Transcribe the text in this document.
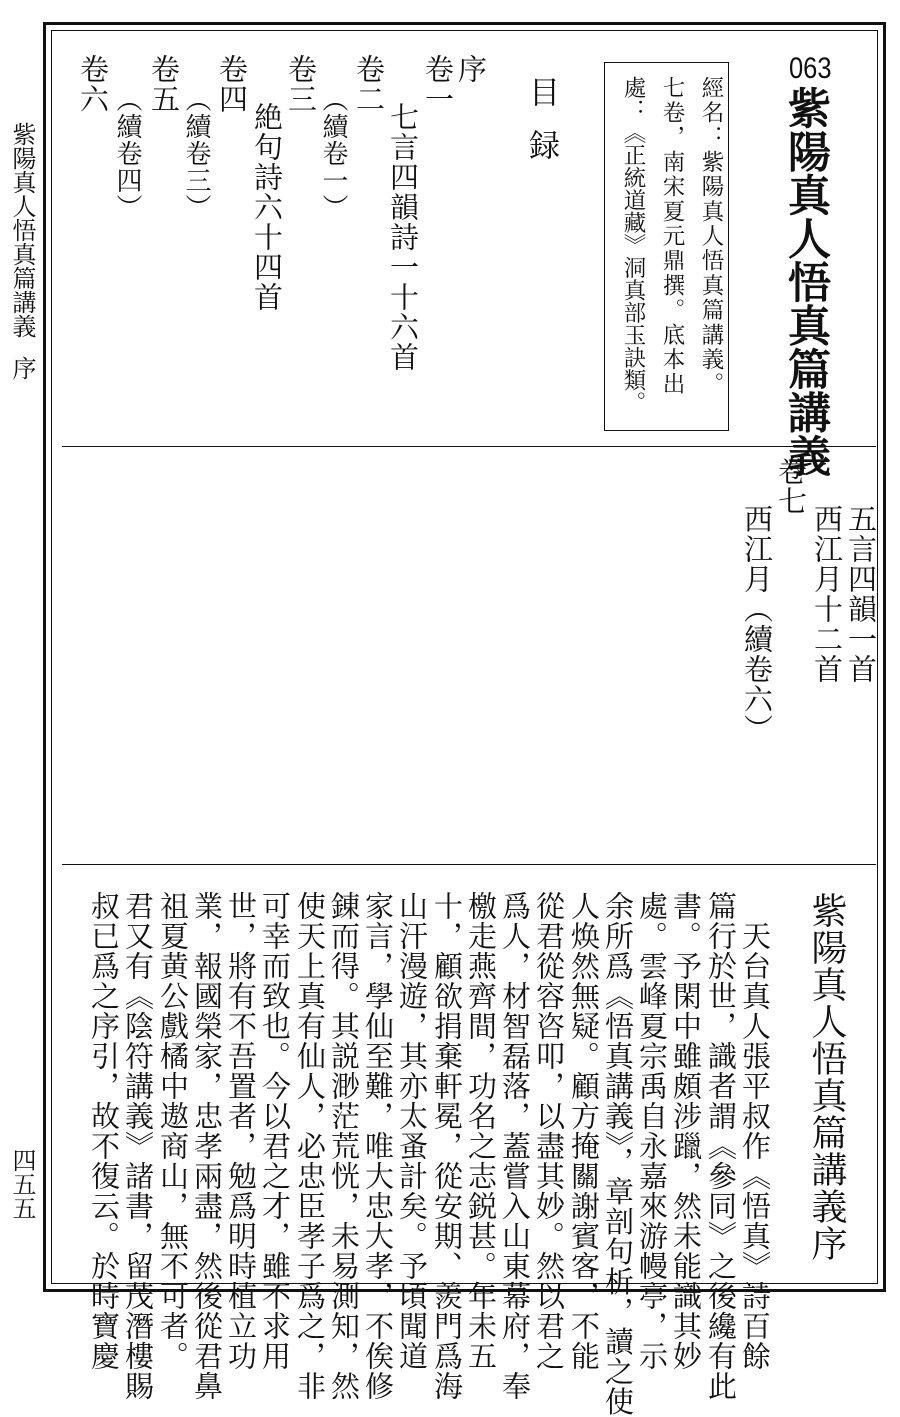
紫陽真人悟真篇講義序
四五五
063
紫陽真人悟真篇講義
經名：紫陽真人悟真篇講義。
七卷，南宋夏元鼎撰。底本出
處：《正統道藏》洞真部玉訣類。
目録
序
卷一
　七言四韻詩一十六首
卷二
　（續卷一）
卷三
　絶句詩六十四首
卷四
　（續卷三）
卷五
　（續卷四）
卷六
　五言四韻一首
　西江月十二首
卷七
　西江月（續卷六）
紫陽真人悟真篇講義序
　天台真人張平叔作《悟真》詩百餘
篇行於世，識者謂《參同》之後纔有此
書。予閑中雖頗涉躐，然未能識其妙
處。雲峰夏宗禹自永嘉來游幔亭，示
余所爲《悟真講義》，章剖句析，讀之使
人焕然無疑。顧方掩關謝賓客，不能
從君從容咨叩，以盡其妙。然以君之
爲人，材智磊落，蓋嘗入山東幕府，奉
檄走燕齊間，功名之志鋭甚。年未五
十，顧欲捐棄軒冕，從安期、羨門爲海
山汗漫遊，其亦太蚤計矣。予頃聞道
家言，學仙至難，唯大忠大孝，不俟修
錬而得。其説渺茫荒恍，未易測知，然
使天上真有仙人，必忠臣孝子爲之，非
可幸而致也。今以君之才，雖不求用
世，將有不吾置者，勉爲明時植立功
業，報國榮家，忠孝兩盡，然後從君鼻
祖夏黄公戲橘中遨商山，無不可者。
君又有《陰符講義》諸書，留茂潛樓賜
叔已爲之序引，故不復云。於時寶慶
